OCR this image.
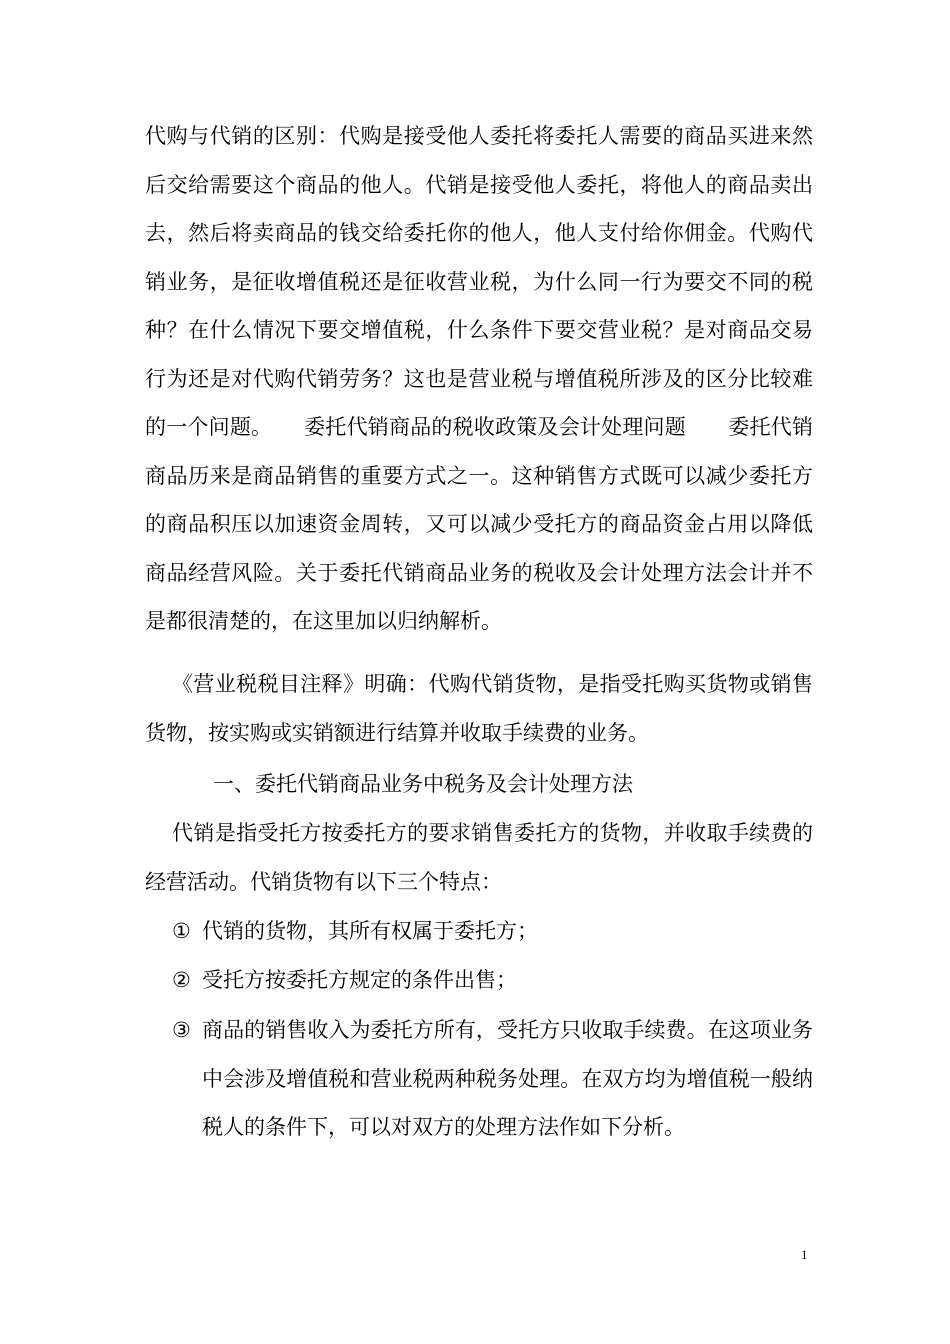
代购与代销的区别：代购是接受他人委托将委托人需要的商品买进来然后交给需要这个商品的他人。代销是接受他人委托，将他人的商品卖出去，然后将卖商品的钱交给委托你的他人，他人支付给你佣金。代购代销业务，是征收增值税还是征收营业税，为什么同一行为要交不同的税种？在什么情况下要交增值税，什么条件下要交营业税？是对商品交易行为还是对代购代销劳务？这也是营业税与增值税所涉及的区分比较难的一个问题。　　委托代销商品的税收政策及会计处理问题　　委托代销商品历来是商品销售的重要方式之一。这种销售方式既可以减少委托方的商品积压以加速资金周转，又可以减少受托方的商品资金占用以降低商品经营风险。关于委托代销商品业务的税收及会计处理方法会计并不是都很清楚的，在这里加以归纳解析。

《营业税税目注释》明确：代购代销货物，是指受托购买货物或销售货物，按实购或实销额进行结算并收取手续费的业务。

一、委托代销商品业务中税务及会计处理方法

代销是指受托方按委托方的要求销售委托方的货物，并收取手续费的经营活动。代销货物有以下三个特点：

① 代销的货物，其所有权属于委托方；
② 受托方按委托方规定的条件出售；
③ 商品的销售收入为委托方所有，受托方只收取手续费。在这项业务中会涉及增值税和营业税两种税务处理。在双方均为增值税一般纳税人的条件下，可以对双方的处理方法作如下分析。
1
